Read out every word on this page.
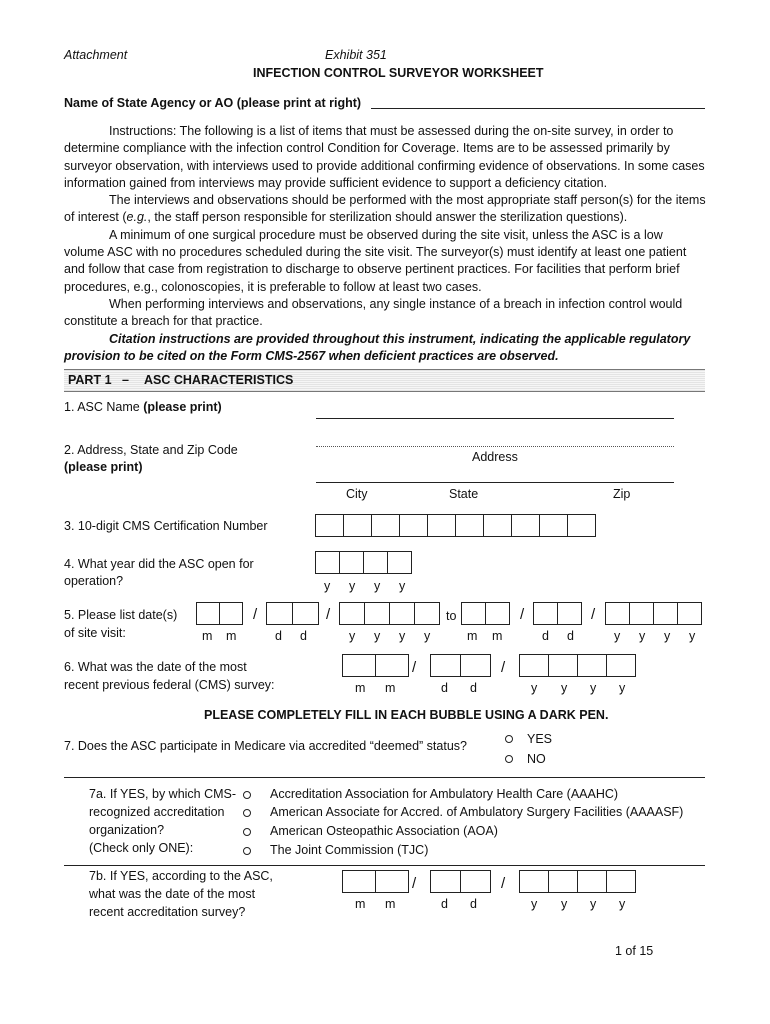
Attachment	Exhibit 351
INFECTION CONTROL SURVEYOR WORKSHEET
Name of State Agency or AO (please print at right)

Instructions: The following is a list of items that must be assessed during the on-site survey, in order to determine compliance with the infection control Condition for Coverage. Items are to be assessed primarily by surveyor observation, with interviews used to provide additional confirming evidence of observations. In some cases information gained from interviews may provide sufficient evidence to support a deficiency citation.

The interviews and observations should be performed with the most appropriate staff person(s) for the items of interest (e.g., the staff person responsible for sterilization should answer the sterilization questions).

A minimum of one surgical procedure must be observed during the site visit, unless the ASC is a low volume ASC with no procedures scheduled during the site visit. The surveyor(s) must identify at least one patient and follow that case from registration to discharge to observe pertinent practices. For facilities that perform brief procedures, e.g., colonoscopies, it is preferable to follow at least two cases.

When performing interviews and observations, any single instance of a breach in infection control would constitute a breach for that practice.

Citation instructions are provided throughout this instrument, indicating the applicable regulatory provision to be cited on the Form CMS-2567 when deficient practices are observed.

PART 1 – ASC CHARACTERISTICS
1. ASC Name (please print)
2. Address, State and Zip Code
(please print)
Address
City	State	Zip
3. 10-digit CMS Certification Number
4. What year did the ASC open for
operation?	y y y y
5. Please list date(s)
of site visit:
/	/	to	/	/
m m	d d	y y y y	m m	d d	y y y y
6. What was the date of the most
recent previous federal (CMS) survey:
/	/
m m	d d	y y y y
PLEASE COMPLETELY FILL IN EACH BUBBLE USING A DARK PEN.
7. Does the ASC participate in Medicare via accredited “deemed” status?	YES
NO
7a. If YES, by which CMS-
recognized accreditation
organization?
(Check only ONE):
Accreditation Association for Ambulatory Health Care (AAAHC)
American Associate for Accred. of Ambulatory Surgery Facilities (AAAASF)
American Osteopathic Association (AOA)
The Joint Commission (TJC)
7b. If YES, according to the ASC,
what was the date of the most
recent accreditation survey?
/	/
m m	d d	y y y y
1 of 15
